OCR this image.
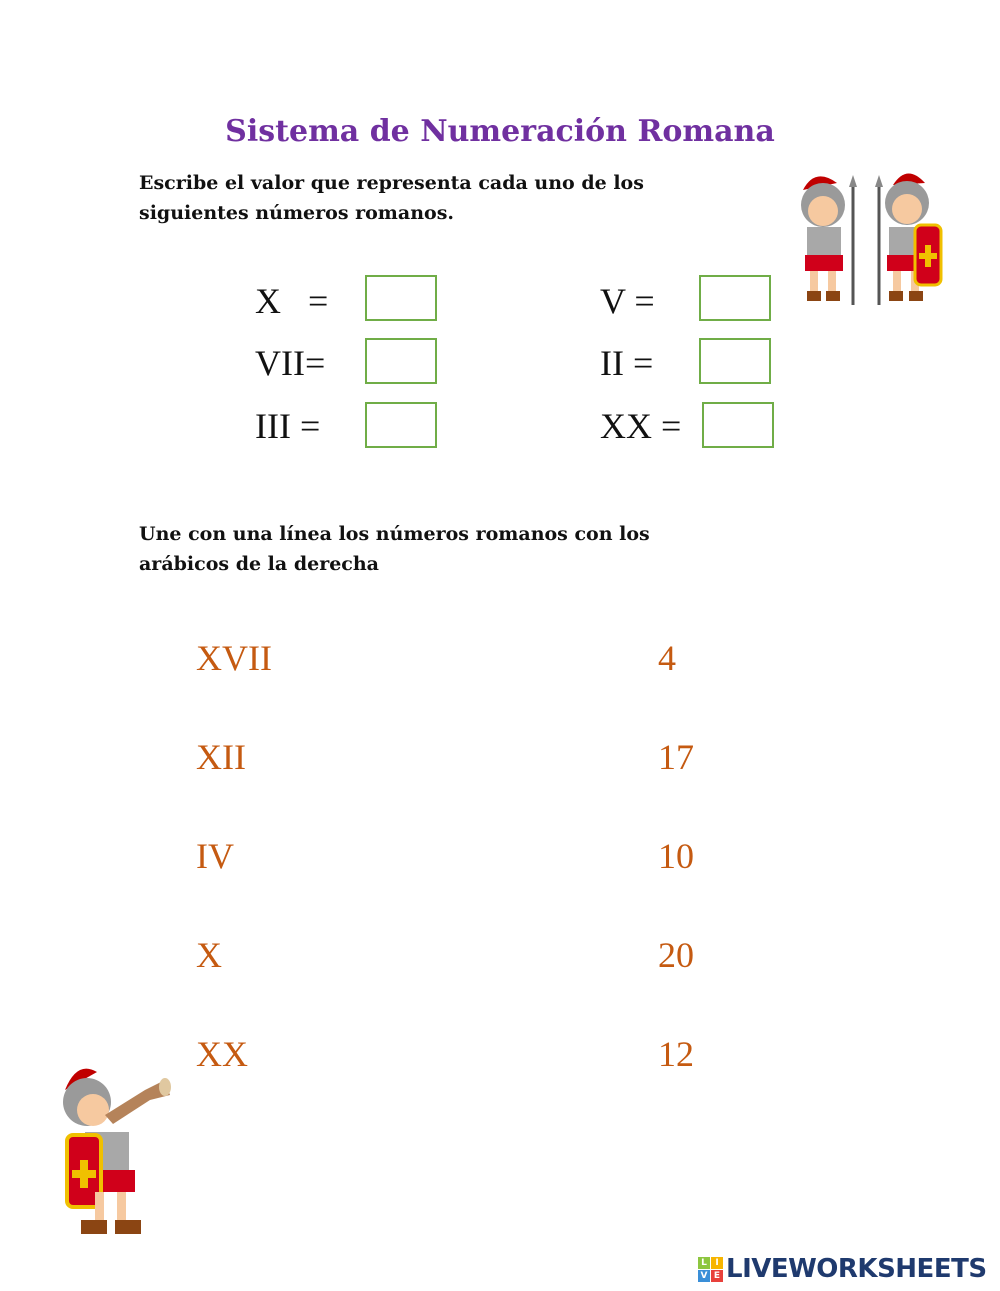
Sistema de Numeración Romana
Escribe el valor que representa cada uno de los
siguientes números romanos.
X   =
VII=
III =
V =
II =
XX =
Une con una línea los números romanos con los
arábicos de la derecha
XVII
XII
IV
X
XX
4
17
10
20
12
L I
V E LIVEWORKSHEETS
